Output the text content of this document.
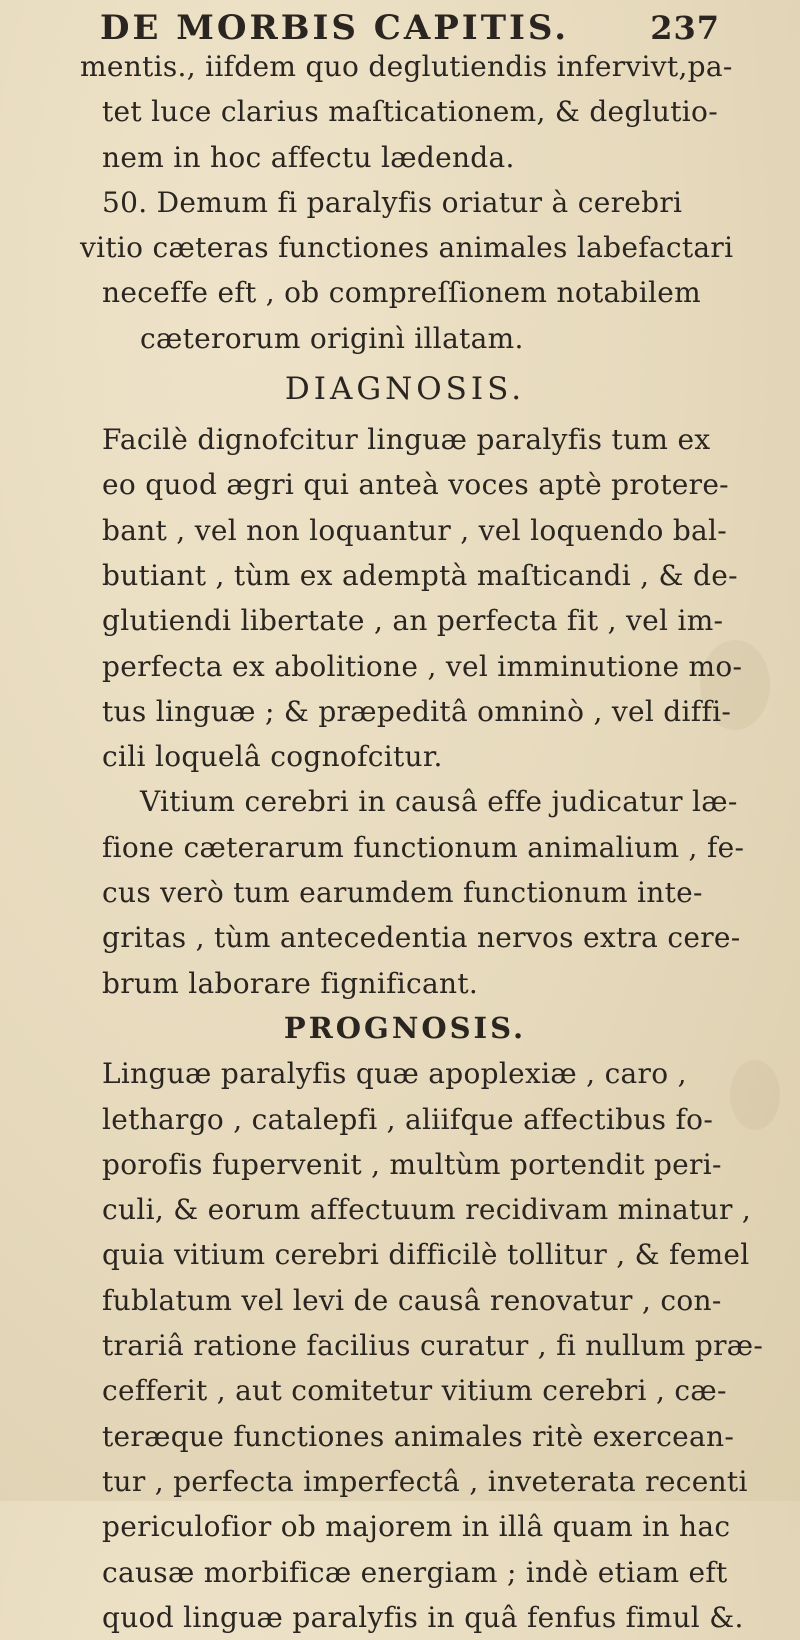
DE MORBIS CAPITIS.	237
mentis., iifdem quo deglutiendis infervivt,pa-
tet luce clarius maſticationem, & deglutio-
nem in hoc affectu lædenda.
50. Demum fi paralyfis oriatur à cerebri
vitio cæteras functiones animales labefactari
neceffe eft , ob compreſſionem notabilem
cæterorum originì illatam.
DIAGNOSIS.
Facilè dignofcitur linguæ paralyfis tum ex
eo quod ægri qui anteà voces aptè protere-
bant , vel non loquantur , vel loquendo bal-
butiant , tùm ex ademptà maſticandi , & de-
glutiendi libertate , an perfecta fit , vel im-
perfecta ex abolitione , vel imminutione mo-
tus linguæ ; & præpeditâ omninò , vel diffi-
cili loquelâ cognofcitur.
Vitium cerebri in causâ effe judicatur læ-
fione cæterarum functionum animalium , fe-
cus verò tum earumdem functionum inte-
gritas , tùm antecedentia nervos extra cere-
brum laborare fignificant.
PROGNOSIS.
Linguæ paralyfis quæ apoplexiæ , caro ,
lethargo , catalepfi , aliifque affectibus fo-
porofis fupervenit , multùm portendit peri-
culi, & eorum affectuum recidivam minatur ,
quia vitium cerebri difficilè tollitur , & femel
fublatum vel levi de causâ renovatur , con-
trariâ ratione facilius curatur , fi nullum præ-
cefferit , aut comitetur vitium cerebri , cæ-
teræque functiones animales ritè exercean-
tur , perfecta imperfectâ , inveterata recenti
periculofior ob majorem in illâ quam in hac
causæ morbificæ energiam ; indè etiam eft
quod linguæ paralyfis in quâ fenfus fimul &.
